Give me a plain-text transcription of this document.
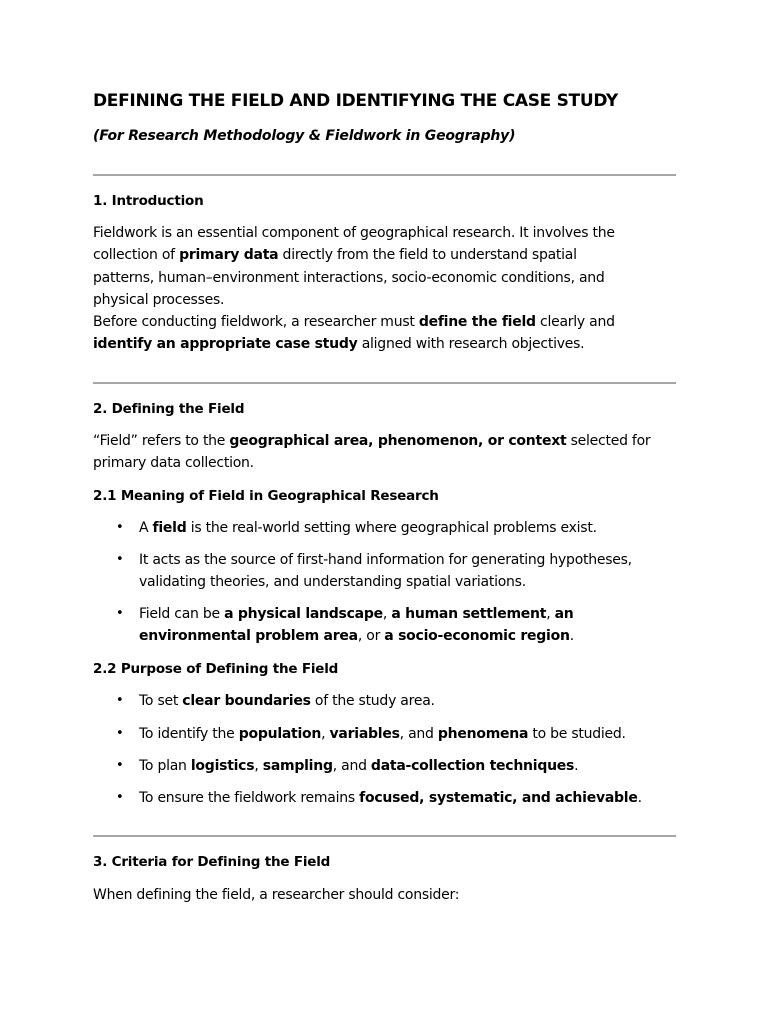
DEFINING THE FIELD AND IDENTIFYING THE CASE STUDY
(For Research Methodology & Fieldwork in Geography)
1. Introduction
Fieldwork is an essential component of geographical research. It involves the
collection of primary data directly from the field to understand spatial
patterns, human–environment interactions, socio-economic conditions, and
physical processes.
Before conducting fieldwork, a researcher must define the field clearly and
identify an appropriate case study aligned with research objectives.
2. Defining the Field
“Field” refers to the geographical area, phenomenon, or context selected for
primary data collection.
2.1 Meaning of Field in Geographical Research
• A field is the real-world setting where geographical problems exist.
• It acts as the source of first-hand information for generating hypotheses,
validating theories, and understanding spatial variations.
• Field can be a physical landscape, a human settlement, an
environmental problem area, or a socio-economic region.
2.2 Purpose of Defining the Field
• To set clear boundaries of the study area.
• To identify the population, variables, and phenomena to be studied.
• To plan logistics, sampling, and data-collection techniques.
• To ensure the fieldwork remains focused, systematic, and achievable.
3. Criteria for Defining the Field
When defining the field, a researcher should consider:
